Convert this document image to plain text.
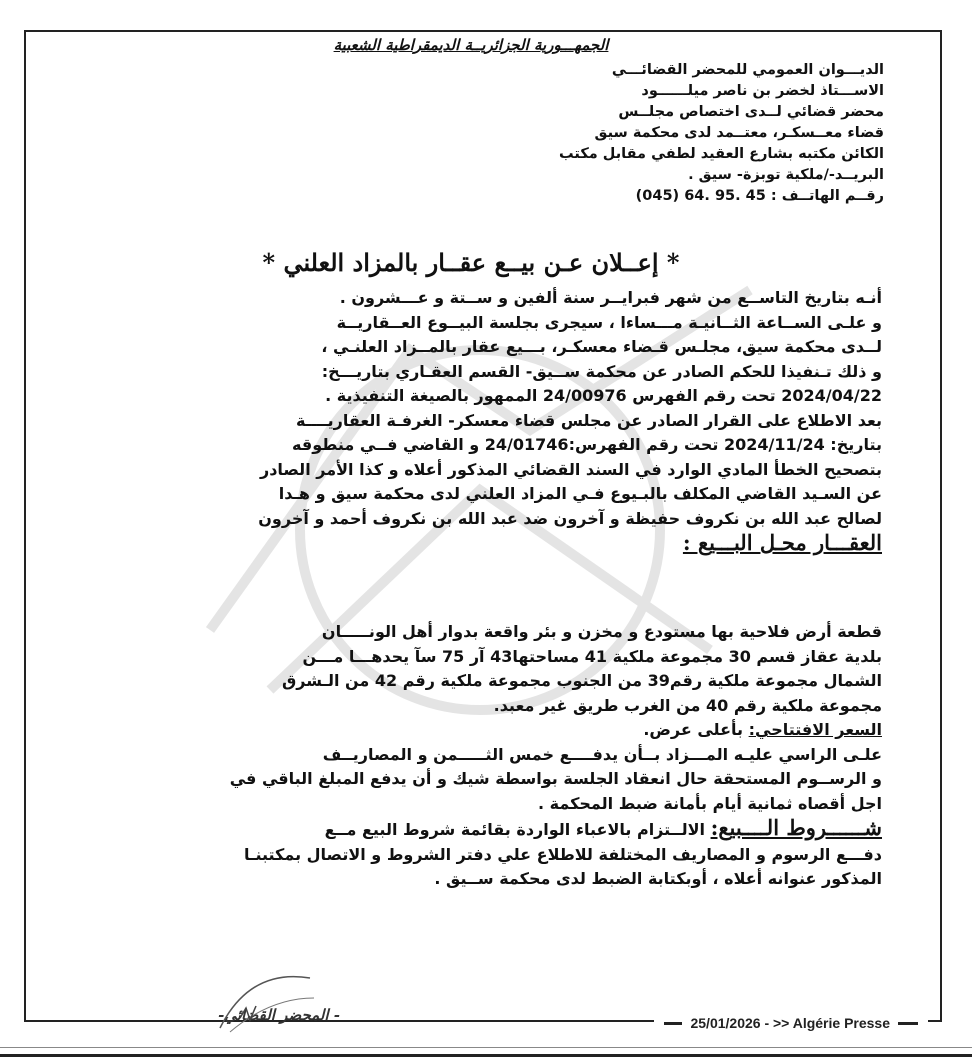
25/01/2026 - >> Algérie Presse
الجمهـــورية الجزائريــة الديمقراطية الشعبية
الديـــوان العمومي للمحضر القضائـــي
الاســـتاذ لخضر بن ناصر ميلــــــود
محضر قضائي لــدى اختصاص مجلــس
قضاء معــسكـر، معتــمد لدى محكمة سيق
الكائن مكتبه بشارع العقيد لطفي مقابل مكتب
البريــد-/ملكية توبزة- سيق .
رقــم الهاتــف : (045) 64. 95. 45
* إعــلان عـن بيــع عقــار بالمزاد العلني *
أنـه بتاريخ التاســع من شهر فبرايــر سنة ألفين و ســتة و عـــشرون .
و علـى الســاعة الثــانيـة مـــساءا ، سيجرى بجلسة البيــوع العــقاريــة
لــدى محكمة سيق، مجلـس قـضاء معسكـر، بـــيع عقار بالمــزاد العلنـي ،
و ذلك تـنفيذا للحكم الصادر عن محكمة ســيق- القسم العقـاري بتاريـــخ:
2024/04/22 تحت رقم الفهرس 24/00976 الممهور بالصيغة التنفيذية .
بعد الاطلاع على القرار الصادر عن مجلس قضاء معسكر- الغرفـة العقاريــــة
بتاريخ: 2024/11/24 تحت رقم الفهرس:24/01746 و القاضي فــي منطوقه
بتصحيح الخطأ المادي الوارد في السند القضائي المذكور أعلاه و كذا الأمر الصادر
عن السـيد القاضي المكلف بالبـيوع فـي المزاد العلني لدى محكمة سيق و هـدا
لصالح عبد الله بن نكروف حفيظة و آخرون ضد عبد الله بن نكروف أحمد و آخرون
العقـــار محـل البـــيع :
قطعة أرض فلاحية بها مستودع و مخزن و بئر واقعة بدوار أهل الونـــــان
بلدية عقاز قسم 30 مجموعة ملكية 41 مساحتها43 آر 75 سآ يحدهـــا مـــن
الشمال مجموعة ملكية رقم39 من الجنوب مجموعة ملكية رقم 42 من الـشرق
مجموعة ملكية رقم 40 من الغرب طريق غير معبد.
السعر الافتتاحي: بأعلى عرض.
علـى الراسي عليـه المـــزاد بــأن يدفــــع خمس الثـــــمن و المصاريــف
و الرســوم المستحقة حال انعقاد الجلسة بواسطة شيك و أن يدفع المبلغ الباقي في
اجل أقصاه ثمانية أيام بأمانة ضبط المحكمة .
شــــــروط الــــبيع: الالــتزام بالاعباء الواردة بقائمة شروط البيع مــع
دفـــع الرسوم و المصاريف المختلفة للاطلاع علي دفتر الشروط و الاتصال بمكتبنـا
المذكور عنوانه أعلاه ، أوبكتابة الضبط لدى محكمة ســيق .
- المحضر القضائي-
